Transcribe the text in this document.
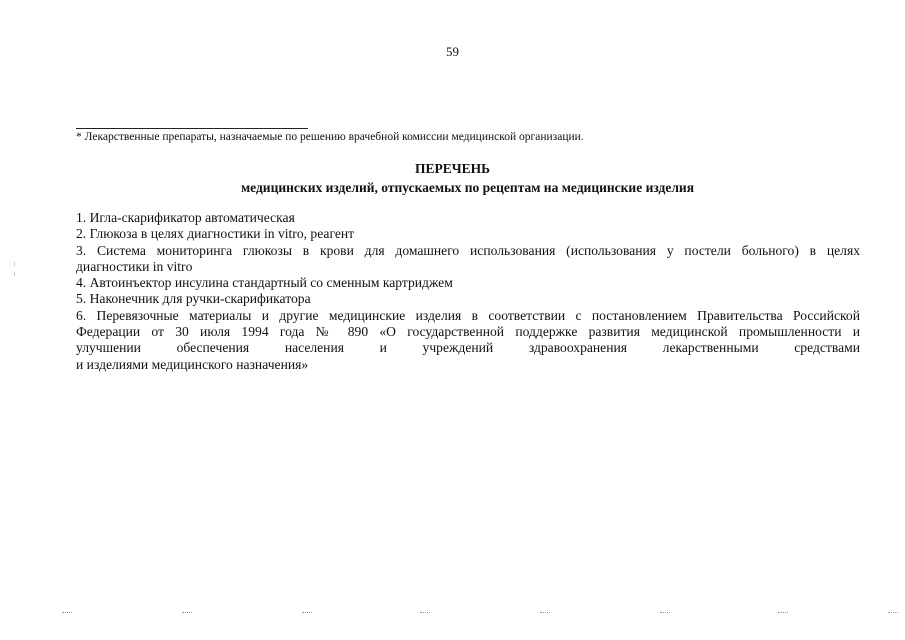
59
* Лекарственные препараты, назначаемые по решению врачебной комиссии медицинской организации.
ПЕРЕЧЕНЬ
медицинских изделий, отпускаемых по рецептам на медицинские изделия
1. Игла-скарификатор автоматическая
2. Глюкоза в целях диагностики in vitro, реагент
3. Система мониторинга глюкозы в крови для домашнего использования (использования у постели больного) в целях
диагностики in vitro
4. Автоинъектор инсулина стандартный со сменным картриджем
5. Наконечник для ручки-скарификатора
6. Перевязочные материалы и другие медицинские изделия в соответствии с постановлением Правительства Российской
Федерации от 30 июля 1994 года № 890 «О государственной поддержке развития медицинской промышленности и
улучшении обеспечения населения и учреждений здравоохранения лекарственными средствами
и изделиями медицинского назначения»
